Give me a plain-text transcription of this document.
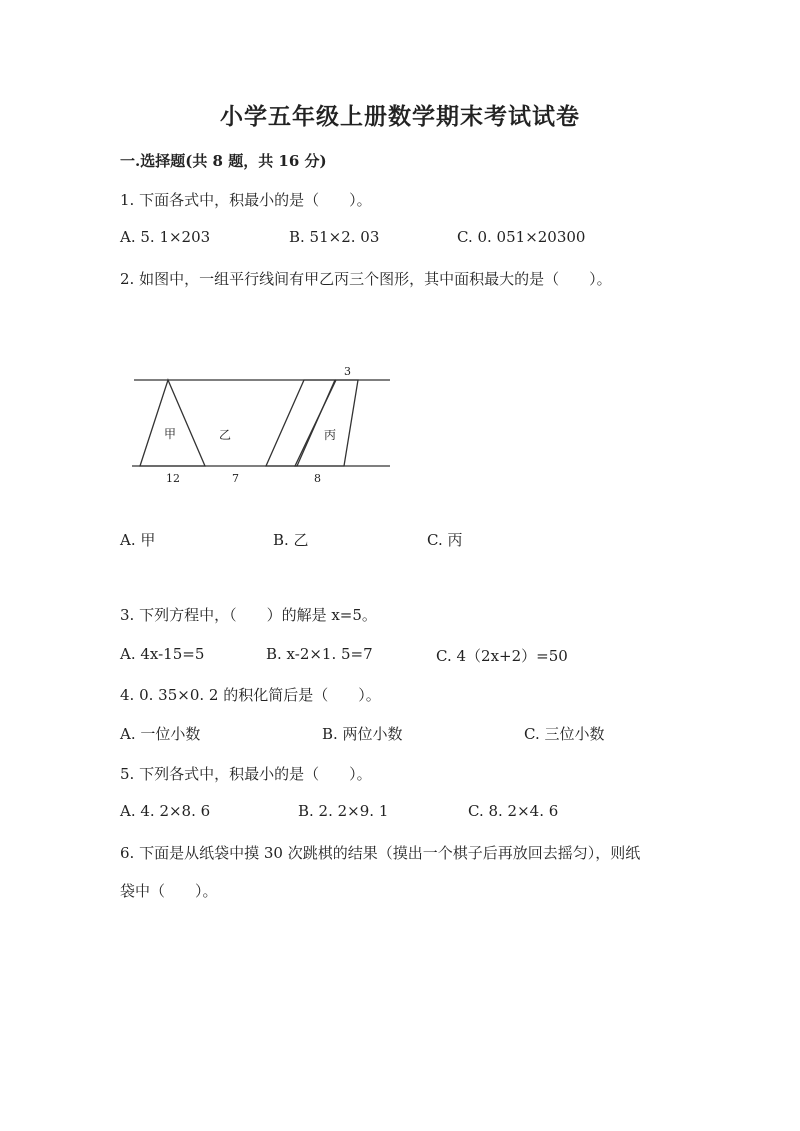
小学五年级上册数学期末考试试卷
一.选择题(共 8 题，共 16 分)
1. 下面各式中，积最小的是（　　）。
A. 5. 1×203	B. 51×2. 03	C. 0. 051×20300
2. 如图中，一组平行线间有甲乙丙三个图形，其中面积最大的是（　　）。
甲	乙	丙
3
12	7	8
A. 甲	B. 乙	C. 丙
3. 下列方程中，（　　）的解是 x=5。
A. 4x-15=5	B. x-2×1. 5=7	C. 4（2x+2）=50
4. 0. 35×0. 2 的积化简后是（　　）。
A. 一位小数	B. 两位小数	C. 三位小数
5. 下列各式中，积最小的是（　　）。
A. 4. 2×8. 6	B. 2. 2×9. 1	C. 8. 2×4. 6
6. 下面是从纸袋中摸 30 次跳棋的结果（摸出一个棋子后再放回去摇匀），则纸
袋中（　　）。
